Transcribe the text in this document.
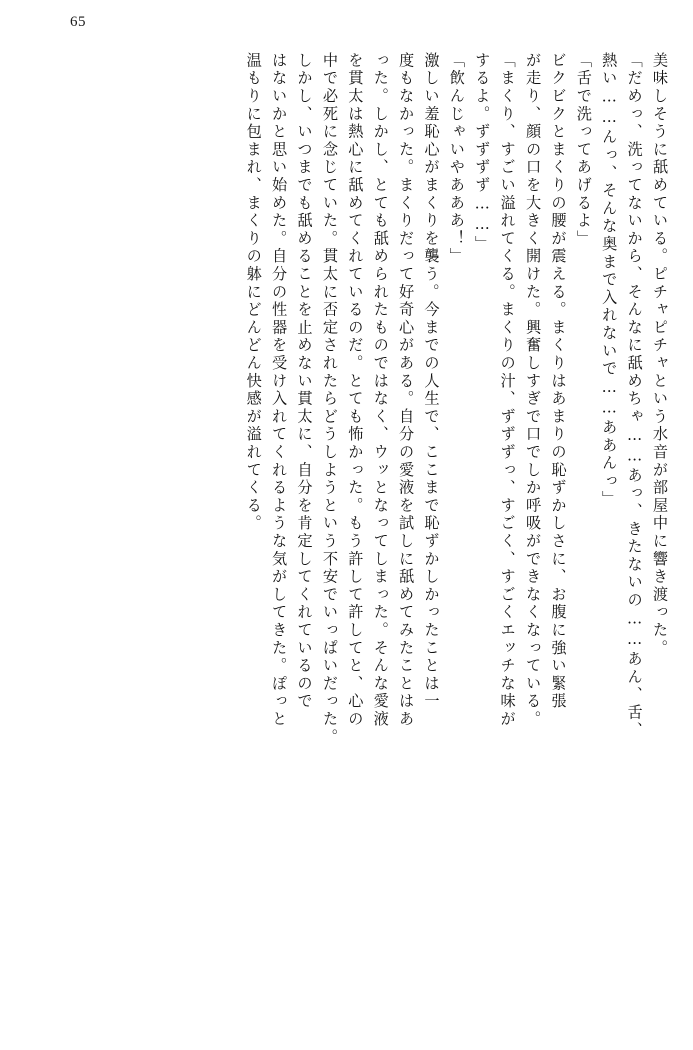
65
美味しそうに舐めている。ピチャピチャという水音が部屋中に響き渡った。
「だめっ、洗ってないから、そんなに舐めちゃ……あっ、きたないの……あん、舌、
熱い……んっ、そんな奥まで入れないで……ああんっ」
「舌で洗ってあげるよ」
ビクビクとまくりの腰が震える。まくりはあまりの恥ずかしさに、お腹に強い緊張
が走り、顔の口を大きく開けた。興奮しすぎで口でしか呼吸ができなくなっている。
「まくり、すごい溢れてくる。まくりの汁、ずずずっ、すごく、すごくエッチな味が
するよ。ずずずず……」
「飲んじゃいやあああ！」
激しい羞恥心がまくりを襲う。今までの人生で、ここまで恥ずかしかったことは一
度もなかった。まくりだって好奇心がある。自分の愛液を試しに舐めてみたことはあ
った。しかし、とても舐められたものではなく、ウッとなってしまった。そんな愛液
を貫太は熱心に舐めてくれているのだ。とても怖かった。もう許して許してと、心の
中で必死に念じていた。貫太に否定されたらどうしようという不安でいっぱいだった。
しかし、いつまでも舐めることを止めない貫太に、自分を肯定してくれているので
はないかと思い始めた。自分の性器を受け入れてくれるような気がしてきた。ぽっと
温もりに包まれ、まくりの躰にどんどん快感が溢れてくる。
